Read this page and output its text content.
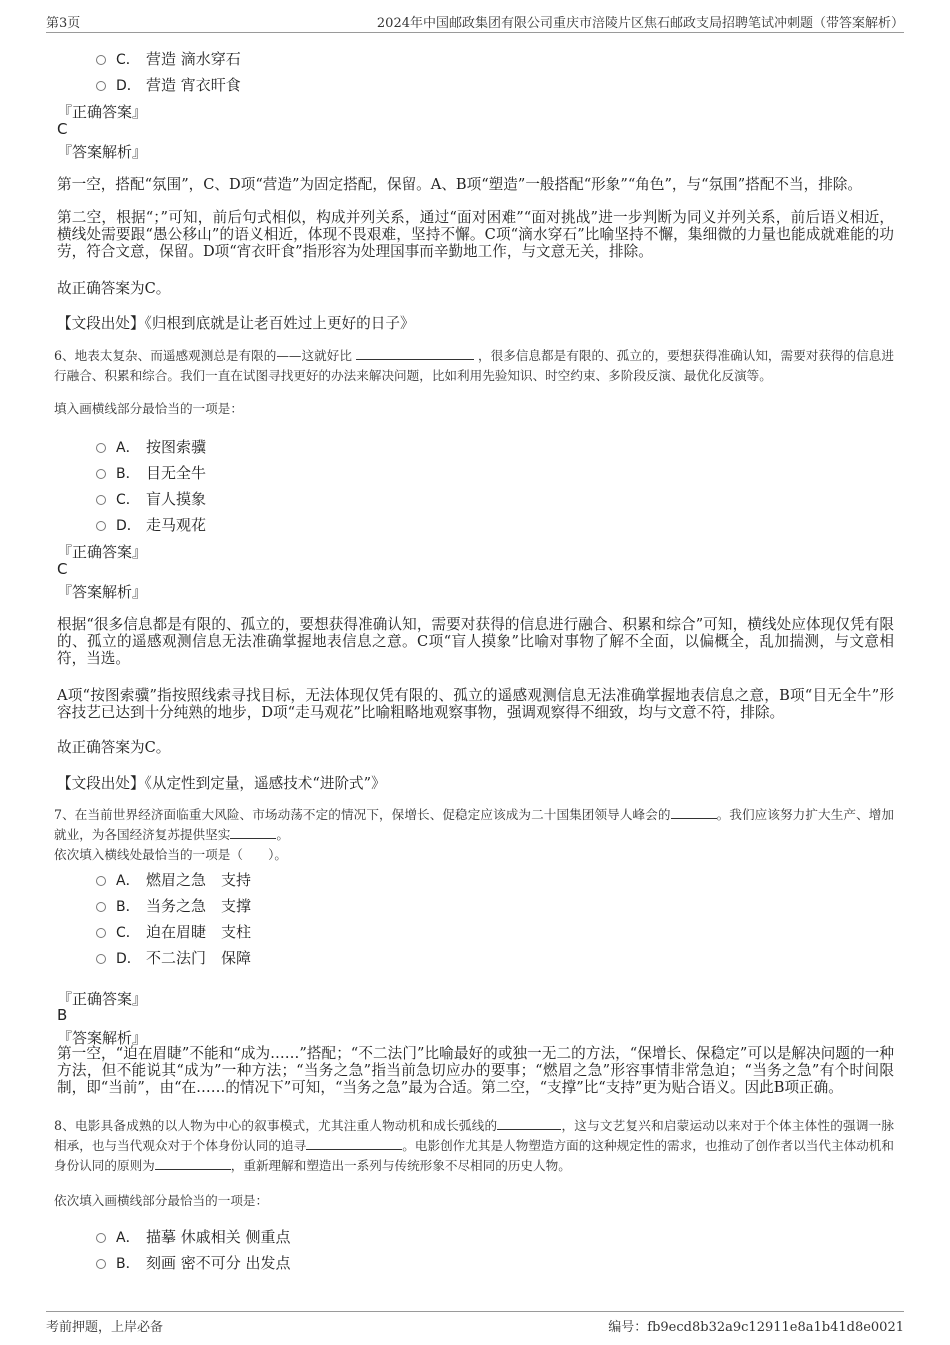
第3页	2024年中国邮政集团有限公司重庆市涪陵片区焦石邮政支局招聘笔试冲刺题（带答案解析）
C． 营造 滴水穿石
D． 营造 宵衣旰食
『正确答案』
C
『答案解析』
第一空，搭配“氛围”，C、D项“营造”为固定搭配，保留。A、B项“塑造”一般搭配“形象”“角色”，与“氛围”搭配不当，排除。
第二空，根据“；”可知，前后句式相似，构成并列关系，通过“面对困难”“面对挑战”进一步判断为同义并列关系，前后语义相近，横线处需要跟“愚公移山”的语义相近，体现不畏艰难，坚持不懈。C项“滴水穿石”比喻坚持不懈，集细微的力量也能成就难能的功劳，符合文意，保留。D项“宵衣旰食”指形容为处理国事而辛勤地工作，与文意无关，排除。
故正确答案为C。
【文段出处】《归根到底就是让老百姓过上更好的日子》
6、地表太复杂、而遥感观测总是有限的——这就好比	，很多信息都是有限的、孤立的，要想获得准确认知，需要对获得的信息进行融合、积累和综合。我们一直在试图寻找更好的办法来解决问题，比如利用先验知识、时空约束、多阶段反演、最优化反演等。
填入画横线部分最恰当的一项是：
A． 按图索骥
B． 目无全牛
C． 盲人摸象
D． 走马观花
『正确答案』
C
『答案解析』
根据“很多信息都是有限的、孤立的，要想获得准确认知，需要对获得的信息进行融合、积累和综合”可知，横线处应体现仅凭有限的、孤立的遥感观测信息无法准确掌握地表信息之意。C项“盲人摸象”比喻对事物了解不全面，以偏概全，乱加揣测，与文意相符，当选。
A项“按图索骥”指按照线索寻找目标，无法体现仅凭有限的、孤立的遥感观测信息无法准确掌握地表信息之意，B项“目无全牛”形容技艺已达到十分纯熟的地步，D项“走马观花”比喻粗略地观察事物，强调观察得不细致，均与文意不符，排除。
故正确答案为C。
【文段出处】《从定性到定量，遥感技术“进阶式”》
7、在当前世界经济面临重大风险、市场动荡不定的情况下，保增长、促稳定应该成为二十国集团领导人峰会的	。我们应该努力扩大生产、增加就业，为各国经济复苏提供坚实	。
依次填入横线处最恰当的一项是（　　）。
A． 燃眉之急　支持
B． 当务之急　支撑
C． 迫在眉睫　支柱
D． 不二法门　保障
『正确答案』
B
『答案解析』
第一空，“迫在眉睫”不能和“成为……”搭配；“不二法门”比喻最好的或独一无二的方法，“保增长、保稳定”可以是解决问题的一种方法，但不能说其“成为”一种方法；“当务之急”指当前急切应办的要事；“燃眉之急”形容事情非常急迫；“当务之急”有个时间限制，即“当前”，由“在……的情况下”可知，“当务之急”最为合适。第二空，“支撑”比“支持”更为贴合语义。因此B项正确。
8、电影具备成熟的以人物为中心的叙事模式，尤其注重人物动机和成长弧线的	，这与文艺复兴和启蒙运动以来对于个体主体性的强调一脉相承，也与当代观众对于个体身份认同的追寻	。电影创作尤其是人物塑造方面的这种规定性的需求，也推动了创作者以当代主体动机和身份认同的原则为	，重新理解和塑造出一系列与传统形象不尽相同的历史人物。
依次填入画横线部分最恰当的一项是：
A． 描摹 休戚相关 侧重点
B． 刻画 密不可分 出发点
考前押题，上岸必备	编号：fb9ecd8b32a9c12911e8a1b41d8e0021
